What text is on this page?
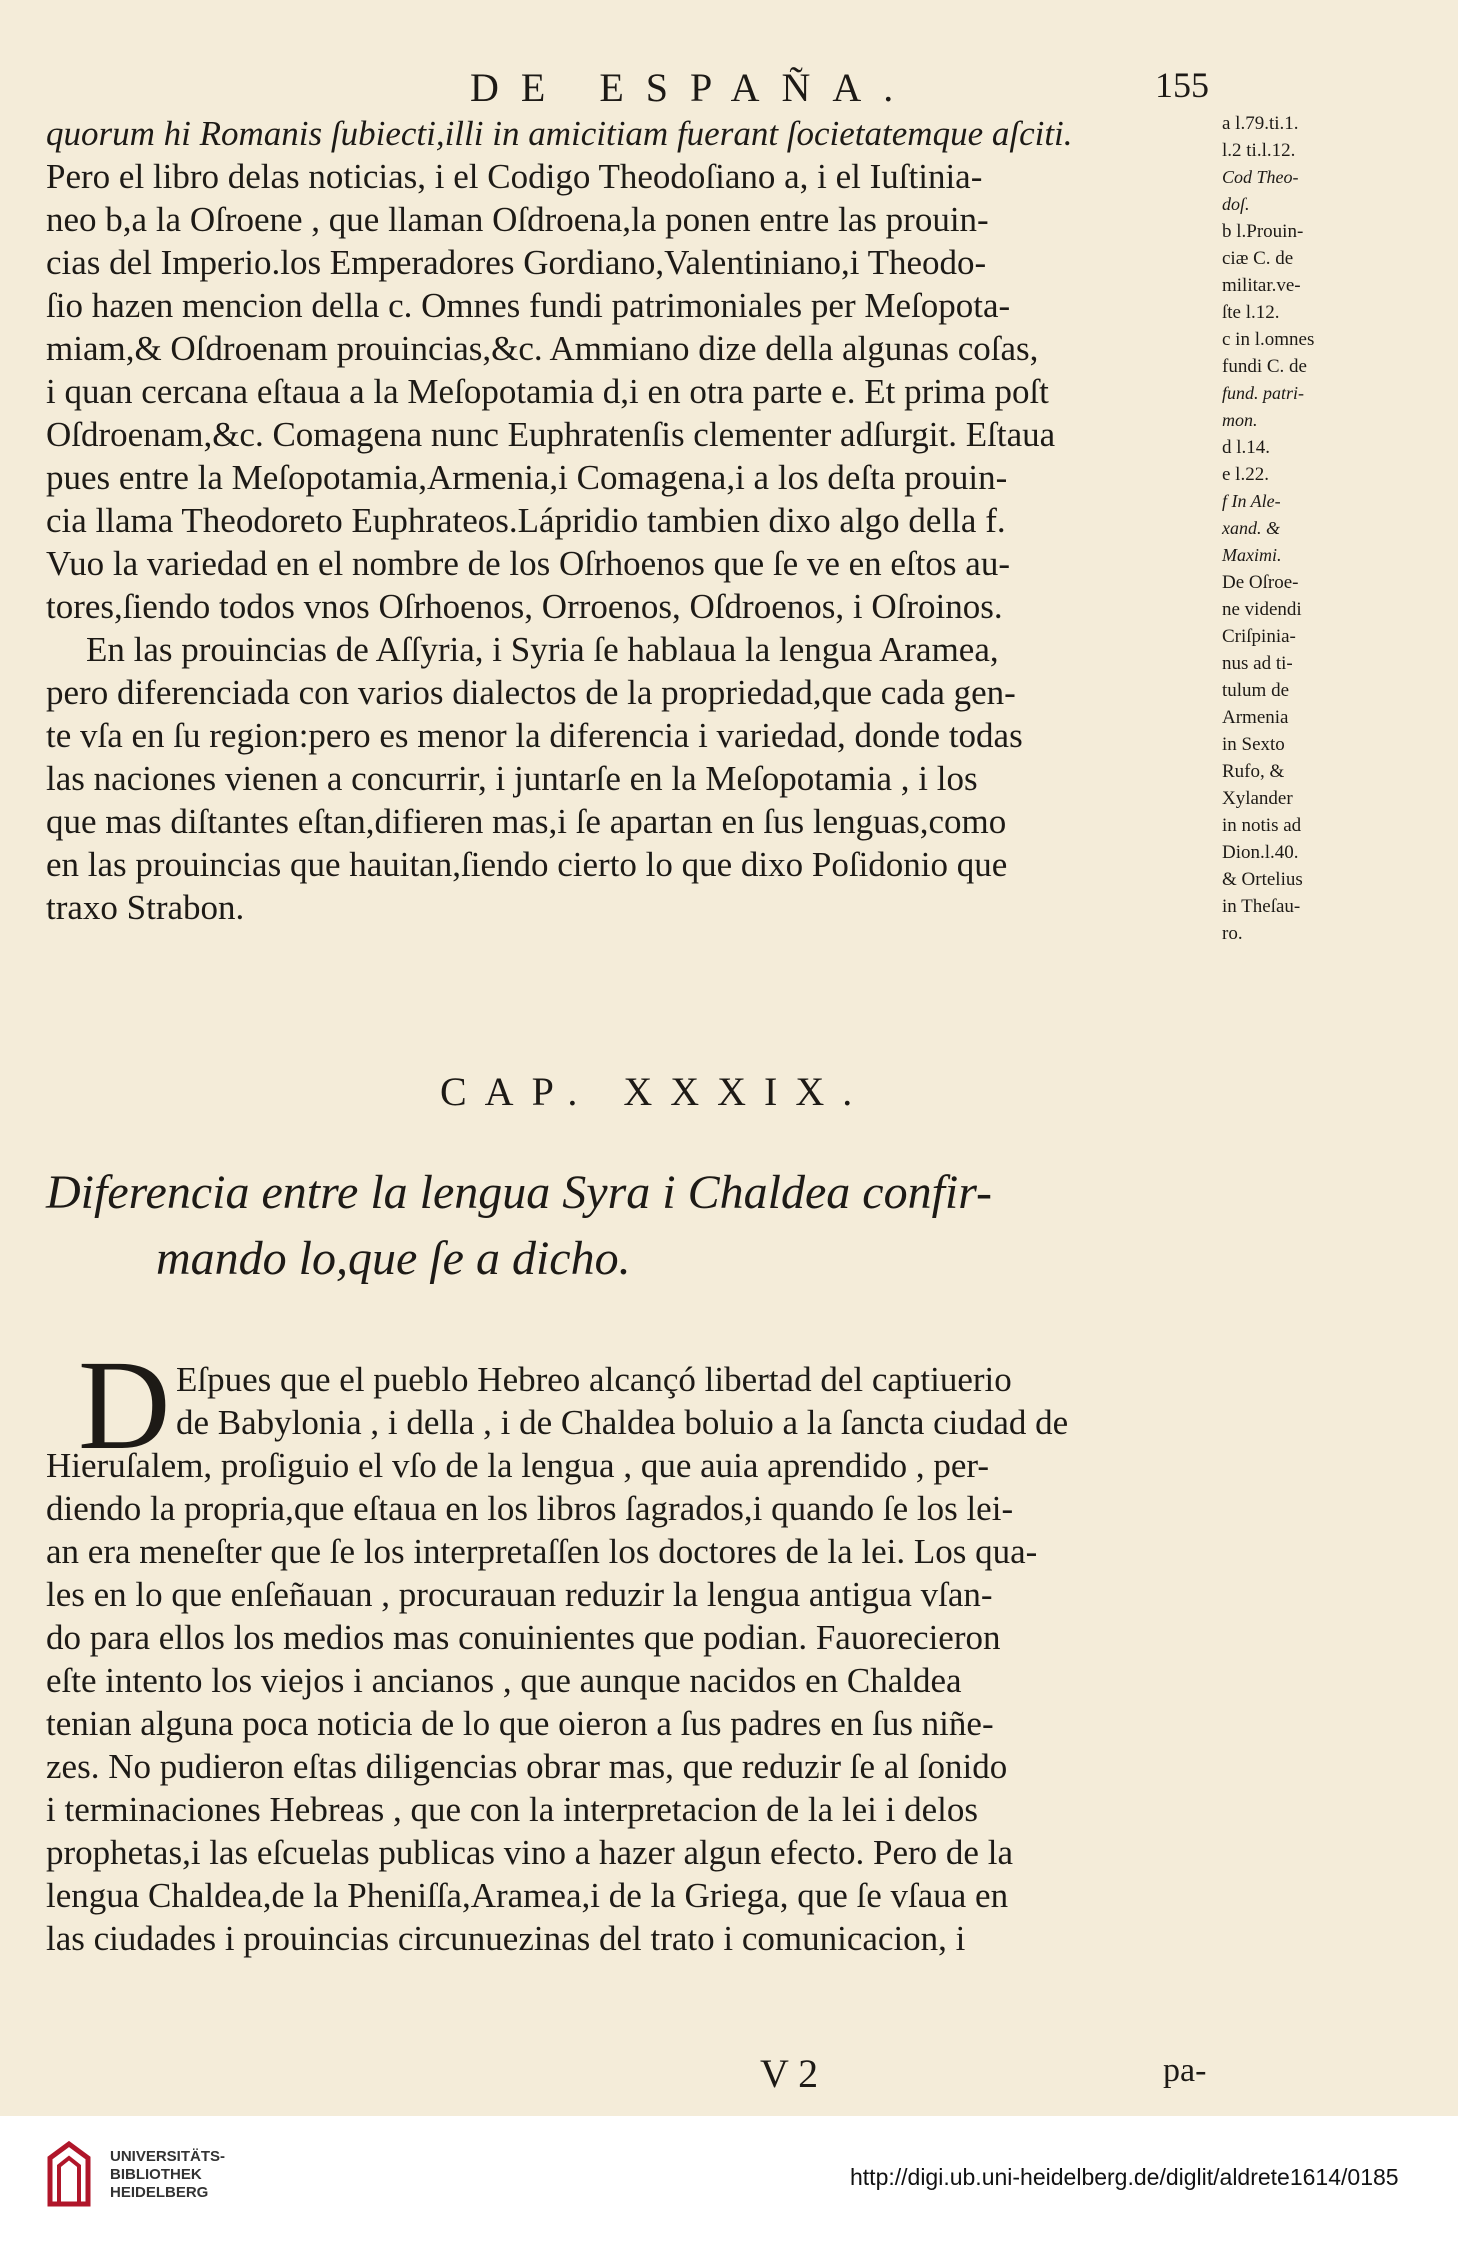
DE ESPAÑA.	155
quorum hi Romanis ſubiecti,illi in amicitiam fuerant ſocietatemque aſciti.
Pero el libro delas noticias, i el Codigo Theodoſiano a, i el Iuſtinia-
neo b,a la Oſroene , que llaman Oſdroena,la ponen entre las prouin-
cias del Imperio.los Emperadores Gordiano,Valentiniano,i Theodo-
ſio hazen mencion della c. Omnes fundi patrimoniales per Meſopota-
miam,& Oſdroenam prouincias,&c. Ammiano dize della algunas coſas,
i quan cercana eſtaua a la Meſopotamia d,i en otra parte e. Et prima poſt
Oſdroenam,&c. Comagena nunc Euphratenſis clementer adſurgit. Eſtaua
pues entre la Meſopotamia,Armenia,i Comagena,i a los deſta prouin-
cia llama Theodoreto Euphrateos.Lápridio tambien dixo algo della f.
Vuo la variedad en el nombre de los Oſrhoenos que ſe ve en eſtos au-
tores,ſiendo todos vnos Oſrhoenos, Orroenos, Oſdroenos, i Oſroinos.
En las prouincias de Aſſyria, i Syria ſe hablaua la lengua Aramea,
pero diferenciada con varios dialectos de la propriedad,que cada gen-
te vſa en ſu region:pero es menor la diferencia i variedad, donde todas
las naciones vienen a concurrir, i juntarſe en la Meſopotamia , i los
que mas diſtantes eſtan,difieren mas,i ſe apartan en ſus lenguas,como
en las prouincias que hauitan,ſiendo cierto lo que dixo Poſidonio que
traxo Strabon.
a l.79.ti.1.
l.2 ti.l.12.
Cod Theo-
doſ.
b l.Prouin-
ciæ C. de
militar.ve-
ſte l.12.
c in l.omnes
fundi C. de
fund. patri-
mon.
d l.14.
e l.22.
f In Ale-
xand. &
Maximi.
De Oſroe-
ne videndi
Criſpinia-
nus ad ti-
tulum de
Armenia
in Sexto
Rufo, &
Xylander
in notis ad
Dion.l.40.
& Ortelius
in Theſau-
ro.
CAP. XXXIX.
Diferencia entre la lengua Syra i Chaldea confir-
mando lo,que ſe a dicho.
D Eſpues que el pueblo Hebreo alcançó libertad del captiuerio
de Babylonia , i della , i de Chaldea boluio a la ſancta ciudad de
Hieruſalem, proſiguio el vſo de la lengua , que auia aprendido , per-
diendo la propria,que eſtaua en los libros ſagrados,i quando ſe los lei-
an era meneſter que ſe los interpretaſſen los doctores de la lei. Los qua-
les en lo que enſeñauan , procurauan reduzir la lengua antigua vſan-
do para ellos los medios mas conuinientes que podian. Fauorecieron
eſte intento los viejos i ancianos , que aunque nacidos en Chaldea
tenian alguna poca noticia de lo que oieron a ſus padres en ſus niñe-
zes. No pudieron eſtas diligencias obrar mas, que reduzir ſe al ſonido
i terminaciones Hebreas , que con la interpretacion de la lei i delos
prophetas,i las eſcuelas publicas vino a hazer algun efecto. Pero de la
lengua Chaldea,de la Pheniſſa,Aramea,i de la Griega, que ſe vſaua en
las ciudades i prouincias circunuezinas del trato i comunicacion, i
V 2	pa-
UNIVERSITÄTS-
BIBLIOTHEK
HEIDELBERG
http://digi.ub.uni-heidelberg.de/diglit/aldrete1614/0185
